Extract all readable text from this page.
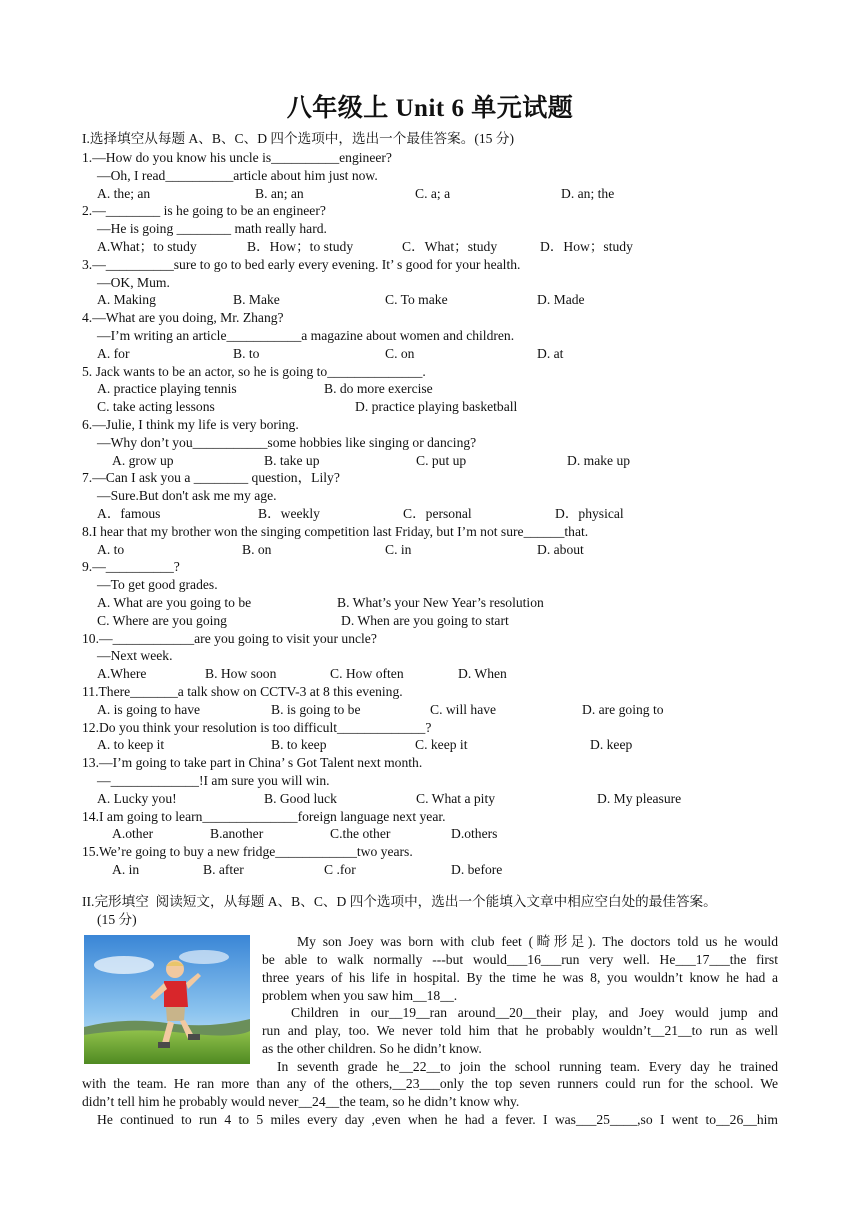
八年级上 Unit 6 单元试题
I.选择填空从每题 A、B、C、D 四个选项中，选出一个最佳答案。(15 分)
1.—How do you know his uncle is__________engineer?
—Oh, I read__________article about him just now.
A. the; an	B. an; an	C. a; a	D. an; the
2.—________ is he going to be an engineer?
—He is going ________ math really hard.
A.What；to study	B．How；to study	C．What；study	D．How；study
3.—__________sure to go to bed early every evening. It’ s good for your health.
—OK, Mum.
A. Making	B. Make	C. To make	D. Made
4.—What are you doing, Mr. Zhang?
—I’m writing an article___________a magazine about women and children.
A. for	B. to	C. on	D. at
5. Jack wants to be an actor, so he is going to______________.
A. practice playing tennis	B. do more exercise
C. take acting lessons	D. practice playing basketball
6.—Julie, I think my life is very boring.
—Why don’t you___________some hobbies like singing or dancing?
A. grow up	B. take up	C. put up	D. make up
7.—Can I ask you a ________ question，Lily?
—Sure.But don't ask me my age.
A．famous	B．weekly	C．personal	D．physical
8.I hear that my brother won the singing competition last Friday, but I’m not sure______that.
A. to	B. on	C. in	D. about
9.—__________?
—To get good grades.
A. What are you going to be	B. What’s your New Year’s resolution
C. Where are you going	D. When are you going to start
10.—____________are you going to visit your uncle?
—Next week.
A.Where	B. How soon	C. How often	D. When
11.There_______a talk show on CCTV-3 at 8 this evening.
A. is going to have	B. is going to be	C. will have	D. are going to
12.Do you think your resolution is too difficult_____________?
A. to keep it	B. to keep	C. keep it	D. keep
13.—I’m going to take part in China’ s Got Talent next month.
—_____________!I am sure you will win.
A. Lucky you!	B. Good luck	C. What a pity	D. My pleasure
14.I am going to learn______________foreign language next year.
A.other	B.another	C.the other	D.others
15.We’re going to buy a new fridge____________two years.
A. in	B. after	C .for	D. before
II.完形填空  阅读短文，从每题 A、B、C、D 四个选项中，选出一个能填入文章中相应空白处的最佳答案。
(15 分)
My son Joey was born with club feet (畸形足). The doctors told us he would
be able to walk normally ---but would___16___run very well. He___17___the first
three years of his life in hospital. By the time he was 8, you wouldn’t know he had a
problem when you saw him__18__.
Children in our__19__ran around__20__their play, and Joey would jump and
run and play, too. We never told him that he probably wouldn’t__21__to run as well
as the other children. So he didn’t know.
In seventh grade he__22__to join the school running team. Every day he trained
with the team. He ran more than any of the others,__23___only the top seven runners could run for the school. We
didn’t tell him he probably would never__24__the team, so he didn’t know why.
He continued to run 4 to 5 miles every day ,even when he had a fever. I was___25____,so I went to__26__him
